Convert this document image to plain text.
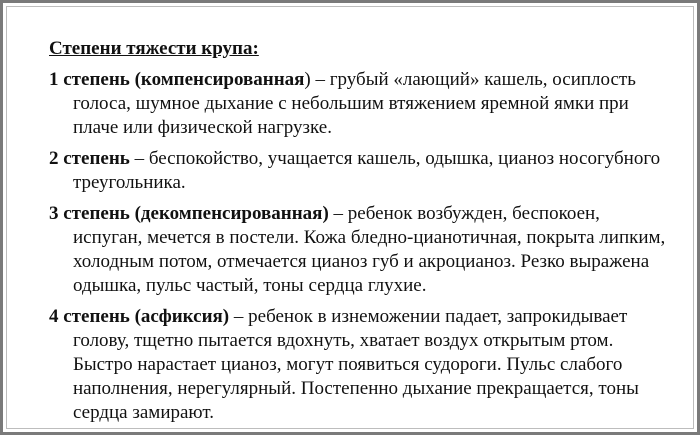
Степени тяжести крупа:
1 степень (компенсированная) – грубый «лающий» кашель, осиплость голоса, шумное дыхание с небольшим втяжением яремной ямки при плаче или физической нагрузке.
2 степень – беспокойство, учащается кашель, одышка, цианоз носогубного треугольника.
3 степень (декомпенсированная) – ребенок возбужден, беспокоен, испуган, мечется в постели. Кожа бледно-цианотичная, покрыта липким, холодным потом, отмечается цианоз губ и акроцианоз. Резко выражена одышка, пульс частый, тоны сердца глухие.
4 степень (асфиксия) – ребенок в изнеможении падает, запрокидывает голову, тщетно пытается вдохнуть, хватает воздух открытым ртом. Быстро нарастает цианоз, могут появиться судороги. Пульс слабого наполнения, нерегулярный. Постепенно дыхание прекращается, тоны сердца замирают.
